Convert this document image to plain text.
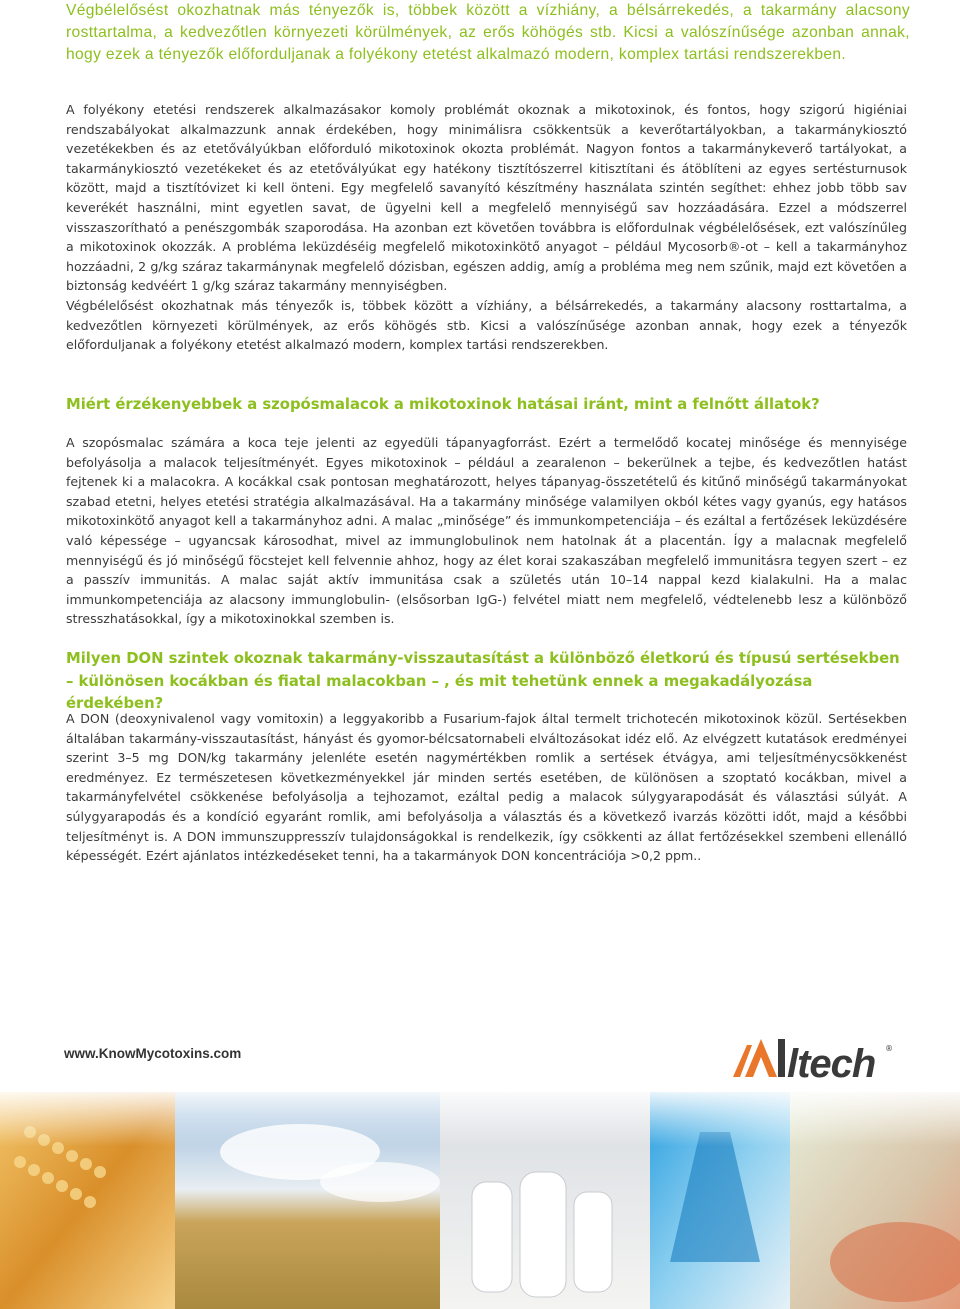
Végbélelősést okozhatnak más tényezők is, többek között a vízhiány, a bélsárrekedés, a takarmány alacsony rosttartalma, a kedvezőtlen környezeti körülmények, az erős köhögés stb. Kicsi a valószínűsége azonban annak, hogy ezek a tényezők előforduljanak a folyékony etetést alkalmazó modern, komplex tartási rendszerekben.

A folyékony etetési rendszerek alkalmazásakor komoly problémát okoznak a mikotoxinok, és fontos, hogy szigorú higiéniai rendszabályokat alkalmazzunk annak érdekében, hogy minimálisra csökkentsük a keverőtartályokban, a takarmánykiosztó vezetékekben és az etetővályúkban előforduló mikotoxinok okozta problémát. Nagyon fontos a takarmánykeverő tartályokat, a takarmánykiosztó vezetékeket és az etetővályúkat egy hatékony tisztítószerrel kitisztítani és átöblíteni az egyes sertésturnusok között, majd a tisztítóvizet ki kell önteni. Egy megfelelő savanyító készítmény használata szintén segíthet: ehhez jobb több sav keverékét használni, mint egyetlen savat, de ügyelni kell a megfelelő mennyiségű sav hozzáadására. Ezzel a módszerrel visszaszorítható a penészgombák szaporodása. Ha azonban ezt követően továbbra is előfordulnak végbélelősések, ezt valószínűleg a mikotoxinok okozzák. A probléma leküzdéséig megfelelő mikotoxinkötő anyagot – például Mycosorb®-ot – kell a takarmányhoz hozzáadni, 2 g/kg száraz takarmánynak megfelelő dózisban, egészen addig, amíg a probléma meg nem szűnik, majd ezt követően a biztonság kedvéért 1 g/kg száraz takarmány mennyiségben.

Végbélelősést okozhatnak más tényezők is, többek között a vízhiány, a bélsárrekedés, a takarmány alacsony rosttartalma, a kedvezőtlen környezeti körülmények, az erős köhögés stb. Kicsi a valószínűsége azonban annak, hogy ezek a tényezők előforduljanak a folyékony etetést alkalmazó modern, komplex tartási rendszerekben.

Miért érzékenyebbek a szopósmalacok a mikotoxinok hatásai iránt, mint a felnőtt állatok?

A szopósmalac számára a koca teje jelenti az egyedüli tápanyagforrást. Ezért a termelődő kocatej minősége és mennyisége befolyásolja a malacok teljesítményét. Egyes mikotoxinok – például a zearalenon – bekerülnek a tejbe, és kedvezőtlen hatást fejtenek ki a malacokra. A kocákkal csak pontosan meghatározott, helyes tápanyag-összetételű és kitűnő minőségű takarmányokat szabad etetni, helyes etetési stratégia alkalmazásával. Ha a takarmány minősége valamilyen okból kétes vagy gyanús, egy hatásos mikotoxinkötő anyagot kell a takarmányhoz adni. A malac „minősége” és immunkompetenciája – és ezáltal a fertőzések leküzdésére való képessége – ugyancsak károsodhat, mivel az immunglobulinok nem hatolnak át a placentán. Így a malacnak megfelelő mennyiségű és jó minőségű föcstejet kell felvennie ahhoz, hogy az élet korai szakaszában megfelelő immunitásra tegyen szert – ez a passzív immunitás. A malac saját aktív immunitása csak a születés után 10–14 nappal kezd kialakulni. Ha a malac immunkompetenciája az alacsony immunglobulin- (elsősorban IgG-) felvétel miatt nem megfelelő, védtelenebb lesz a különböző stresszhatásokkal, így a mikotoxinokkal szemben is.

Milyen DON szintek okoznak takarmány-visszautasítást a különböző életkorú és típusú sertésekben – különösen kocákban és fiatal malacokban – , és mit tehetünk ennek a megakadályozása érdekében?

A DON (deoxynivalenol vagy vomitoxin) a leggyakoribb a Fusarium-fajok által termelt trichotecén mikotoxinok közül. Sertésekben általában takarmány-visszautasítást, hányást és gyomor-bélcsatornabeli elváltozásokat idéz elő. Az elvégzett kutatások eredményei szerint 3–5 mg DON/kg takarmány jelenléte esetén nagymértékben romlik a sertések étvágya, ami teljesítménycsökkenést eredményez. Ez természetesen következményekkel jár minden sertés esetében, de különösen a szoptató kocákban, mivel a takarmányfelvétel csökkenése befolyásolja a tejhozamot, ezáltal pedig a malacok súlygyarapodását és választási súlyát. A súlygyarapodás és a kondíció egyaránt romlik, ami befolyásolja a választás és a következő ivarzás közötti időt, majd a későbbi teljesítményt is. A DON immunszuppresszív tulajdonságokkal is rendelkezik, így csökkenti az állat fertőzésekkel szembeni ellenálló képességét. Ezért ajánlatos intézkedéseket tenni, ha a takarmányok DON koncentrációja >0,2 ppm..

www.KnowMycotoxins.com	ltech ®
